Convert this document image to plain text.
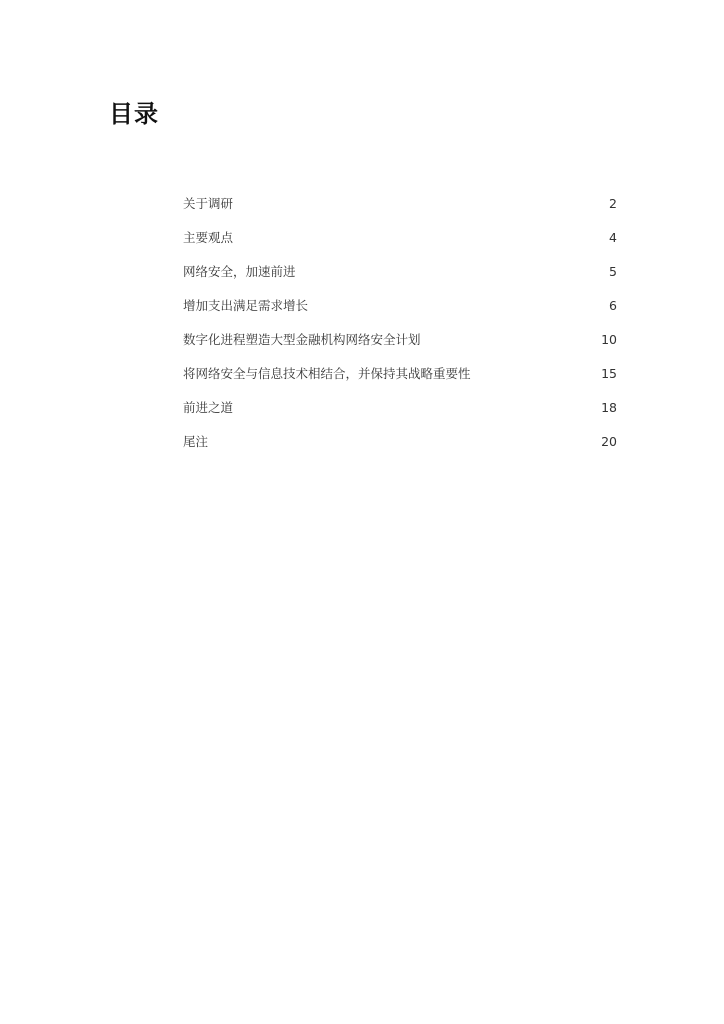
目录
关于调研	2
主要观点	4
网络安全，加速前进	5
增加支出满足需求增长	6
数字化进程塑造大型金融机构网络安全计划	10
将网络安全与信息技术相结合，并保持其战略重要性	15
前进之道	18
尾注	20
